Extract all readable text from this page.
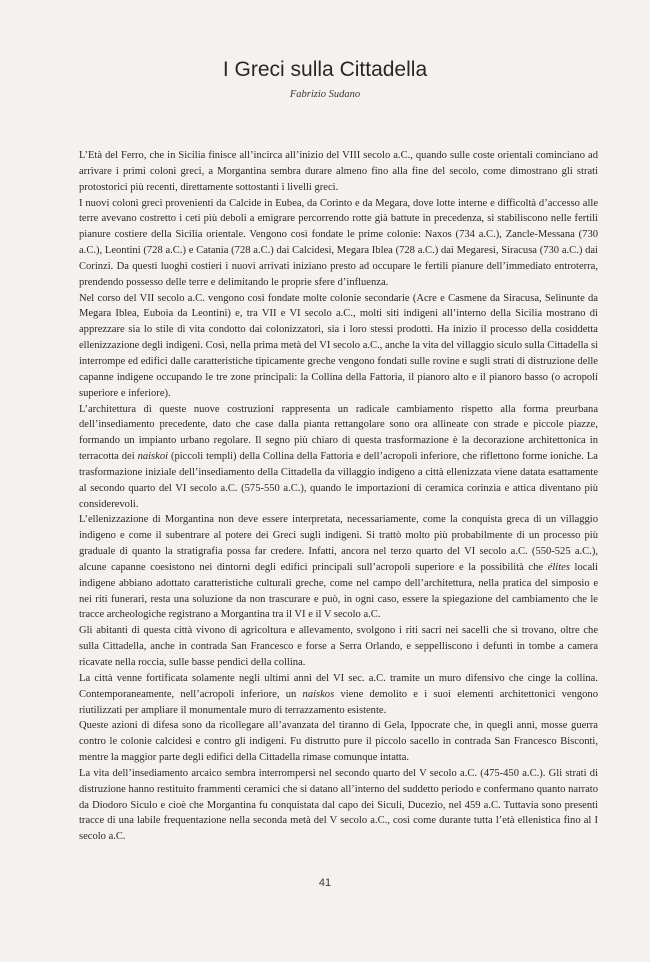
I Greci sulla Cittadella
Fabrizio Sudano

L’Età del Ferro, che in Sicilia finisce all’incirca all’inizio del VIII secolo a.C., quando sulle coste orientali cominciano ad arrivare i primi coloni greci, a Morgantina sembra durare almeno fino alla fine del secolo, come dimostrano gli strati protostorici più recenti, direttamente sottostanti i livelli greci.

I nuovi coloni greci provenienti da Calcide in Eubea, da Corinto e da Megara, dove lotte interne e difficoltà d’accesso alle terre avevano costretto i ceti più deboli a emigrare percorrendo rotte già battute in precedenza, si stabiliscono nelle fertili pianure costiere della Sicilia orientale. Vengono così fondate le prime colonie: Naxos (734 a.C.), Zancle-Messana (730 a.C.), Leontini (728 a.C.) e Catania (728 a.C.) dai Calcidesi, Megara Iblea (728 a.C.) dai Megaresi, Siracusa (730 a.C.) dai Corinzi. Da questi luoghi costieri i nuovi arrivati iniziano presto ad occupare le fertili pianure dell’immediato entroterra, prendendo possesso delle terre e delimitando le proprie sfere d’influenza.

Nel corso del VII secolo a.C. vengono così fondate molte colonie secondarie (Acre e Casmene da Siracusa, Selinunte da Megara Iblea, Euboia da Leontini) e, tra VII e VI secolo a.C., molti siti indigeni all’interno della Sicilia mostrano di apprezzare sia lo stile di vita condotto dai colonizzatori, sia i loro stessi prodotti. Ha inizio il processo della cosiddetta ellenizzazione degli indigeni. Così, nella prima metà del VI secolo a.C., anche la vita del villaggio siculo sulla Cittadella si interrompe ed edifici dalle caratteristiche tipicamente greche vengono fondati sulle rovine e sugli strati di distruzione delle capanne indigene occupando le tre zone principali: la Collina della Fattoria, il pianoro alto e il pianoro basso (o acropoli superiore e inferiore).

L’architettura di queste nuove costruzioni rappresenta un radicale cambiamento rispetto alla forma preurbana dell’insediamento precedente, dato che case dalla pianta rettangolare sono ora allineate con strade e piccole piazze, formando un impianto urbano regolare. Il segno più chiaro di questa trasformazione è la decorazione architettonica in terracotta dei naiskoi (piccoli templi) della Collina della Fattoria e dell’acropoli inferiore, che riflettono forme ioniche. La trasformazione iniziale dell’insediamento della Cittadella da villaggio indigeno a città ellenizzata viene datata esattamente al secondo quarto del VI secolo a.C. (575-550 a.C.), quando le importazioni di ceramica corinzia e attica diventano più considerevoli.

L’ellenizzazione di Morgantina non deve essere interpretata, necessariamente, come la conquista greca di un villaggio indigeno e come il subentrare al potere dei Greci sugli indigeni. Si trattò molto più probabilmente di un processo più graduale di quanto la stratigrafia possa far credere. Infatti, ancora nel terzo quarto del VI secolo a.C. (550-525 a.C.), alcune capanne coesistono nei dintorni degli edifici principali sull’acropoli superiore e la possibilità che élites locali indigene abbiano adottato caratteristiche culturali greche, come nel campo dell’architettura, nella pratica del simposio e nei riti funerari, resta una soluzione da non trascurare e può, in ogni caso, essere la spiegazione del cambiamento che le tracce archeologiche registrano a Morgantina tra il VI e il V secolo a.C.

Gli abitanti di questa città vivono di agricoltura e allevamento, svolgono i riti sacri nei sacelli che si trovano, oltre che sulla Cittadella, anche in contrada San Francesco e forse a Serra Orlando, e seppelliscono i defunti in tombe a camera ricavate nella roccia, sulle basse pendici della collina.

La città venne fortificata solamente negli ultimi anni del VI sec. a.C. tramite un muro difensivo che cinge la collina. Contemporaneamente, nell’acropoli inferiore, un naiskos viene demolito e i suoi elementi architettonici vengono riutilizzati per ampliare il monumentale muro di terrazzamento esistente.

Queste azioni di difesa sono da ricollegare all’avanzata del tiranno di Gela, Ippocrate che, in quegli anni, mosse guerra contro le colonie calcidesi e contro gli indigeni. Fu distrutto pure il piccolo sacello in contrada San Francesco Bisconti, mentre la maggior parte degli edifici della Cittadella rimase comunque intatta.

La vita dell’insediamento arcaico sembra interrompersi nel secondo quarto del V secolo a.C. (475-450 a.C.). Gli strati di distruzione hanno restituito frammenti ceramici che si datano all’interno del suddetto periodo e confermano quanto narrato da Diodoro Siculo e cioè che Morgantina fu conquistata dal capo dei Siculi, Ducezio, nel 459 a.C. Tuttavia sono presenti tracce di una labile frequentazione nella seconda metà del V secolo a.C., così come durante tutta l’età ellenistica fino al I secolo a.C.

41
